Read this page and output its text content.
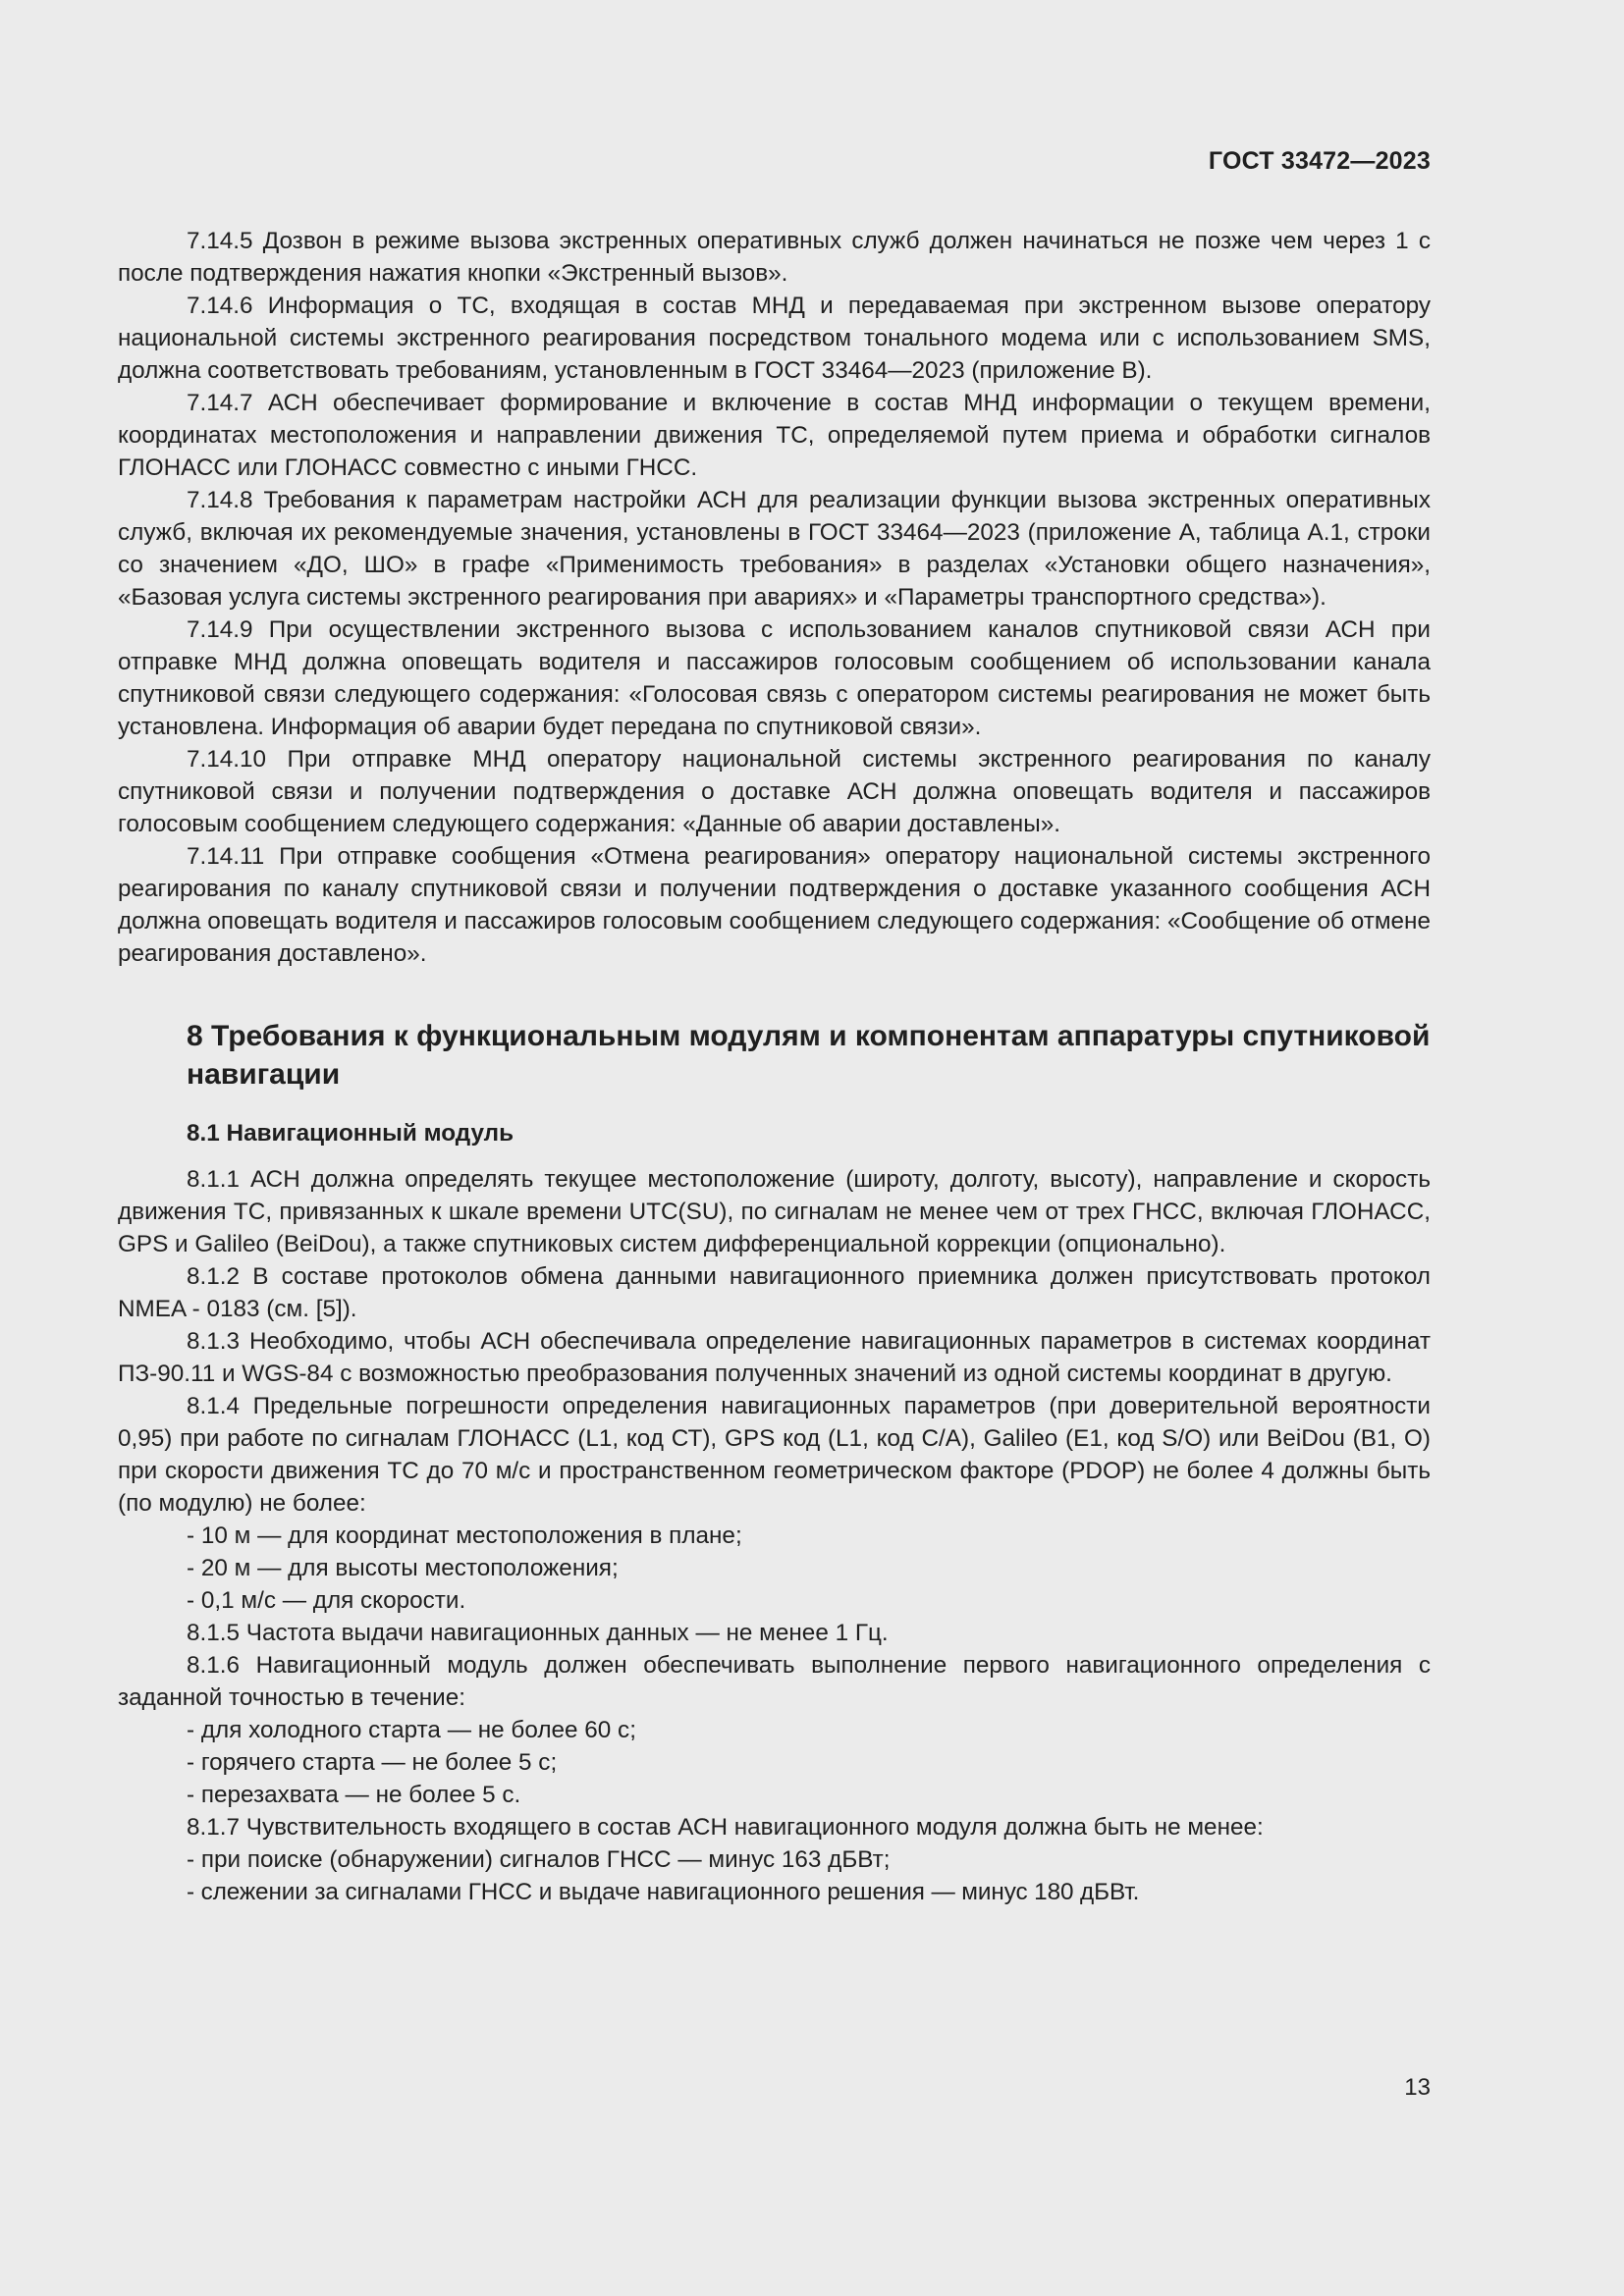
ГОСТ 33472—2023

7.14.5 Дозвон в режиме вызова экстренных оперативных служб должен начинаться не позже чем через 1 с после подтверждения нажатия кнопки «Экстренный вызов».

7.14.6 Информация о ТС, входящая в состав МНД и передаваемая при экстренном вызове оператору национальной системы экстренного реагирования посредством тонального модема или с использованием SMS, должна соответствовать требованиям, установленным в ГОСТ 33464—2023 (приложение В).

7.14.7 АСН обеспечивает формирование и включение в состав МНД информации о текущем времени, координатах местоположения и направлении движения ТС, определяемой путем приема и обработки сигналов ГЛОНАСС или ГЛОНАСС совместно с иными ГНСС.

7.14.8 Требования к параметрам настройки АСН для реализации функции вызова экстренных оперативных служб, включая их рекомендуемые значения, установлены в ГОСТ 33464—2023 (приложение А, таблица А.1, строки со значением «ДО, ШО» в графе «Применимость требования» в разделах «Установки общего назначения», «Базовая услуга системы экстренного реагирования при авариях» и «Параметры транспортного средства»).

7.14.9 При осуществлении экстренного вызова с использованием каналов спутниковой связи АСН при отправке МНД должна оповещать водителя и пассажиров голосовым сообщением об использовании канала спутниковой связи следующего содержания: «Голосовая связь с оператором системы реагирования не может быть установлена. Информация об аварии будет передана по спутниковой связи».

7.14.10 При отправке МНД оператору национальной системы экстренного реагирования по каналу спутниковой связи и получении подтверждения о доставке АСН должна оповещать водителя и пассажиров голосовым сообщением следующего содержания: «Данные об аварии доставлены».

7.14.11 При отправке сообщения «Отмена реагирования» оператору национальной системы экстренного реагирования по каналу спутниковой связи и получении подтверждения о доставке указанного сообщения АСН должна оповещать водителя и пассажиров голосовым сообщением следующего содержания: «Сообщение об отмене реагирования доставлено».

8 Требования к функциональным модулям и компонентам аппаратуры спутниковой навигации
8.1 Навигационный модуль

8.1.1 АСН должна определять текущее местоположение (широту, долготу, высоту), направление и скорость движения ТС, привязанных к шкале времени UTC(SU), по сигналам не менее чем от трех ГНСС, включая ГЛОНАСС, GPS и Galileo (BeiDou), а также спутниковых систем дифференциальной коррекции (опционально).

8.1.2 В составе протоколов обмена данными навигационного приемника должен присутствовать протокол NMEA - 0183 (см. [5]).

8.1.3 Необходимо, чтобы АСН обеспечивала определение навигационных параметров в системах координат ПЗ-90.11 и WGS-84 с возможностью преобразования полученных значений из одной системы координат в другую.

8.1.4 Предельные погрешности определения навигационных параметров (при доверительной вероятности 0,95) при работе по сигналам ГЛОНАСС (L1, код СТ), GPS код (L1, код C/A), Galileo (E1, код S/O) или BeiDou (B1, O) при скорости движения ТС до 70 м/с и пространственном геометрическом факторе (PDOP) не более 4 должны быть (по модулю) не более:

- 10 м — для координат местоположения в плане;

- 20 м — для высоты местоположения;

- 0,1 м/с — для скорости.

8.1.5 Частота выдачи навигационных данных — не менее 1 Гц.

8.1.6 Навигационный модуль должен обеспечивать выполнение первого навигационного определения с заданной точностью в течение:

- для холодного старта — не более 60 с;

- горячего старта — не более 5 с;

- перезахвата — не более 5 с.

8.1.7 Чувствительность входящего в состав АСН навигационного модуля должна быть не менее:

- при поиске (обнаружении) сигналов ГНСС — минус 163 дБВт;

- слежении за сигналами ГНСС и выдаче навигационного решения — минус 180 дБВт.

13
